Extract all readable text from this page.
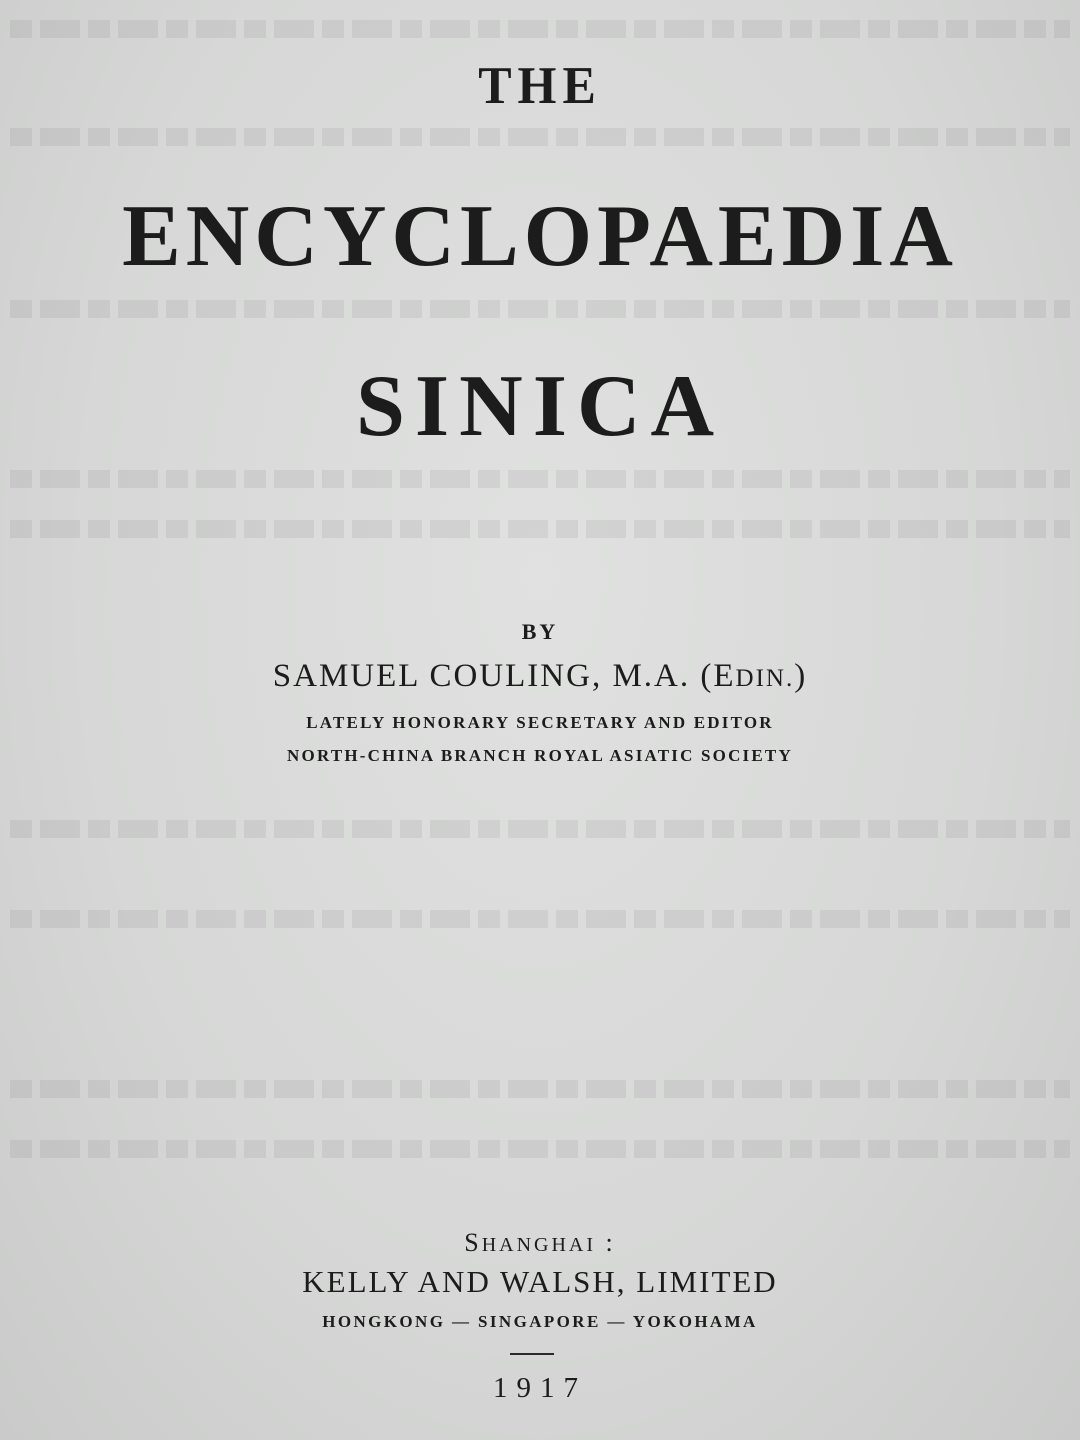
THE

ENCYCLOPAEDIA

SINICA

BY

SAMUEL COULING, M.A. (EDIN.)

LATELY HONORARY SECRETARY AND EDITOR

NORTH-CHINA BRANCH ROYAL ASIATIC SOCIETY

SHANGHAI :

KELLY AND WALSH, LIMITED

HONGKONG — SINGAPORE — YOKOHAMA

1917
